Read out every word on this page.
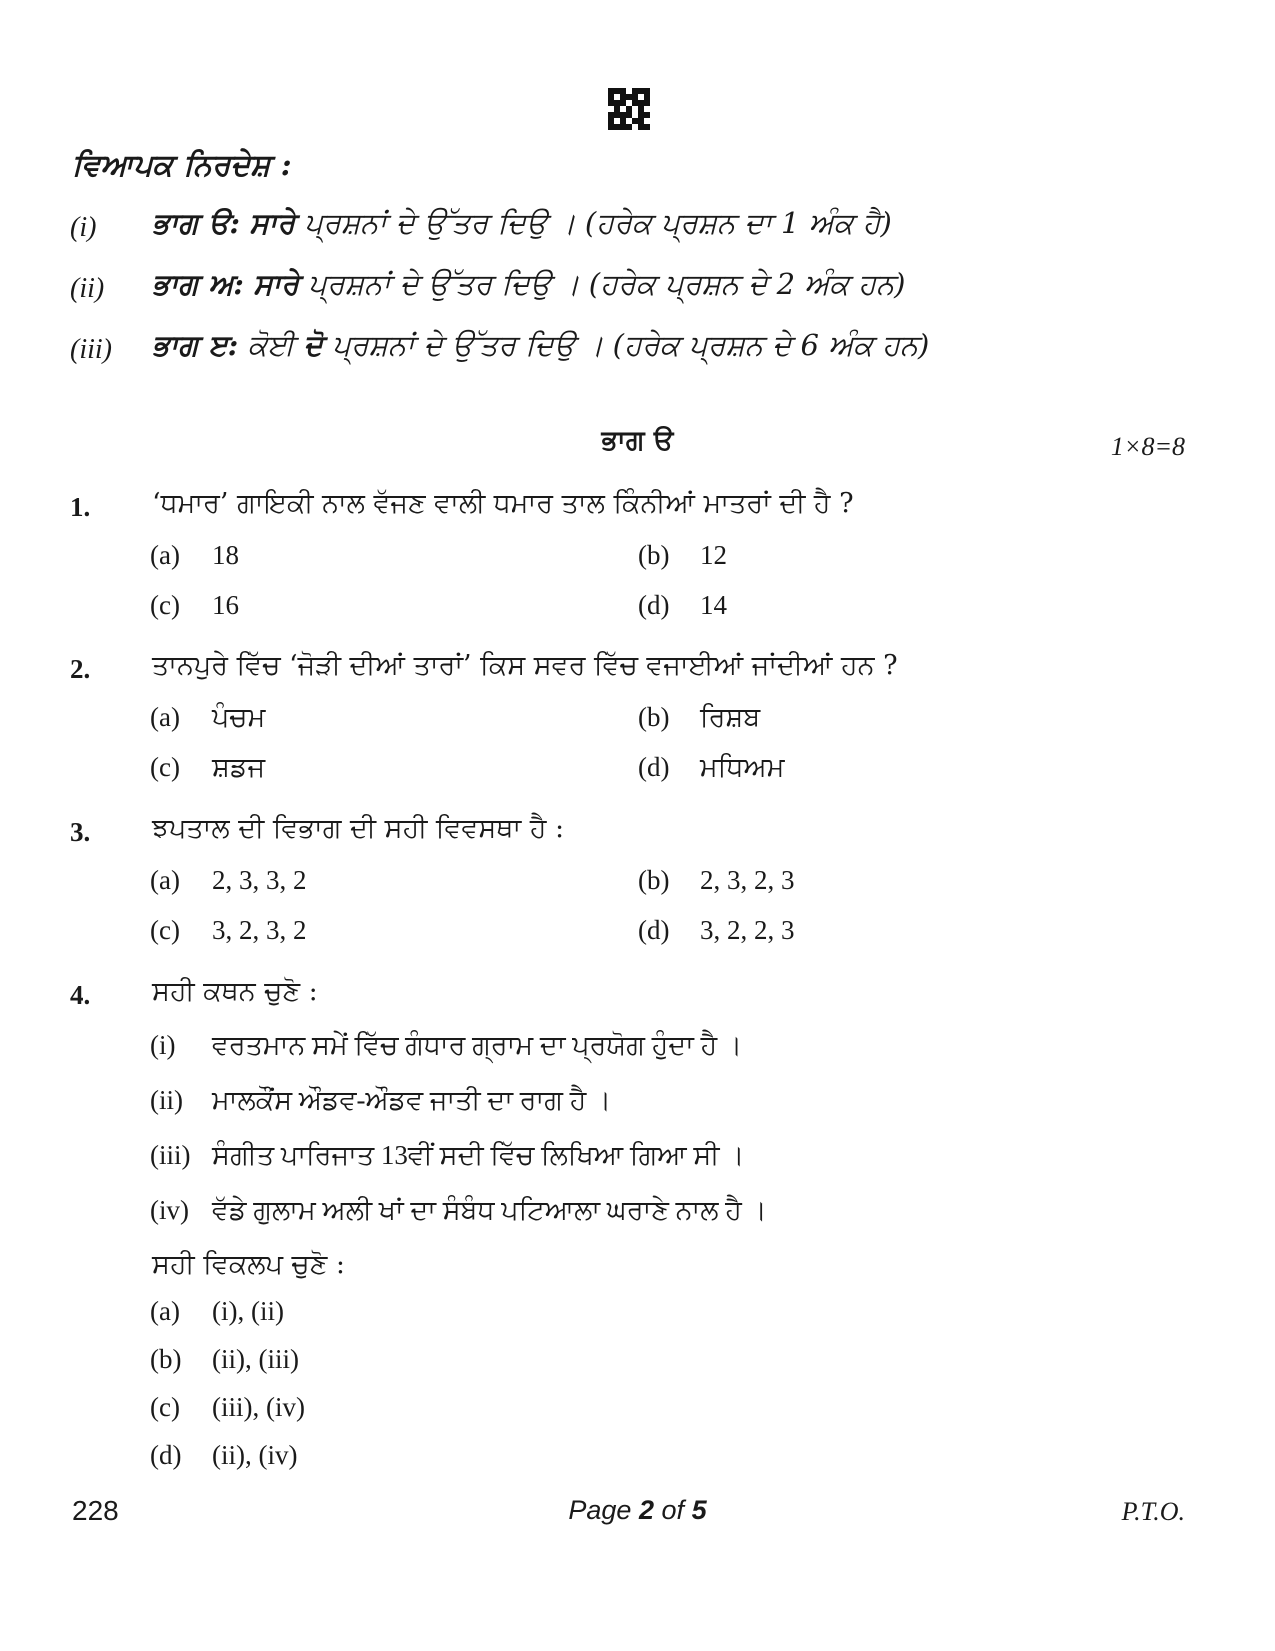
ਵਿਆਪਕ ਨਿਰਦੇਸ਼ :
(i) ਭਾਗ ੳ: ਸਾਰੇ ਪ੍ਰਸ਼ਨਾਂ ਦੇ ਉੱਤਰ ਦਿਉ । (ਹਰੇਕ ਪ੍ਰਸ਼ਨ ਦਾ 1 ਅੰਕ ਹੈ)
(ii) ਭਾਗ ਅ: ਸਾਰੇ ਪ੍ਰਸ਼ਨਾਂ ਦੇ ਉੱਤਰ ਦਿਉ । (ਹਰੇਕ ਪ੍ਰਸ਼ਨ ਦੇ 2 ਅੰਕ ਹਨ)
(iii) ਭਾਗ ੲ: ਕੋਈ ਦੋ ਪ੍ਰਸ਼ਨਾਂ ਦੇ ਉੱਤਰ ਦਿਉ । (ਹਰੇਕ ਪ੍ਰਸ਼ਨ ਦੇ 6 ਅੰਕ ਹਨ)
ਭਾਗ ੳ	1×8=8
1. ‘ਧਮਾਰ’ ਗਾਇਕੀ ਨਾਲ ਵੱਜਣ ਵਾਲੀ ਧਮਾਰ ਤਾਲ ਕਿੰਨੀਆਂ ਮਾਤਰਾਂ ਦੀ ਹੈ ?
(a) 18	(b) 12
(c) 16	(d) 14
2. ਤਾਨਪੁਰੇ ਵਿੱਚ ‘ਜੋੜੀ ਦੀਆਂ ਤਾਰਾਂ’ ਕਿਸ ਸਵਰ ਵਿੱਚ ਵਜਾਈਆਂ ਜਾਂਦੀਆਂ ਹਨ ?
(a) ਪੰਚਮ	(b) ਰਿਸ਼ਬ
(c) ਸ਼ਡਜ	(d) ਮਧਿਅਮ
3. ਝਪਤਾਲ ਦੀ ਵਿਭਾਗ ਦੀ ਸਹੀ ਵਿਵਸਥਾ ਹੈ :
(a) 2, 3, 3, 2	(b) 2, 3, 2, 3
(c) 3, 2, 3, 2	(d) 3, 2, 2, 3
4. ਸਹੀ ਕਥਨ ਚੁਣੋ :
(i) ਵਰਤਮਾਨ ਸਮੇਂ ਵਿੱਚ ਗੰਧਾਰ ਗ੍ਰਾਮ ਦਾ ਪ੍ਰਯੋਗ ਹੁੰਦਾ ਹੈ ।
(ii) ਮਾਲਕੌਂਸ ਔਡਵ-ਔਡਵ ਜਾਤੀ ਦਾ ਰਾਗ ਹੈ ।
(iii) ਸੰਗੀਤ ਪਾਰਿਜਾਤ 13ਵੀਂ ਸਦੀ ਵਿੱਚ ਲਿਖਿਆ ਗਿਆ ਸੀ ।
(iv) ਵੱਡੇ ਗੁਲਾਮ ਅਲੀ ਖਾਂ ਦਾ ਸੰਬੰਧ ਪਟਿਆਲਾ ਘਰਾਣੇ ਨਾਲ ਹੈ ।
ਸਹੀ ਵਿਕਲਪ ਚੁਣੋ :
(a) (i), (ii)
(b) (ii), (iii)
(c) (iii), (iv)
(d) (ii), (iv)
228	Page 2 of 5	P.T.O.
